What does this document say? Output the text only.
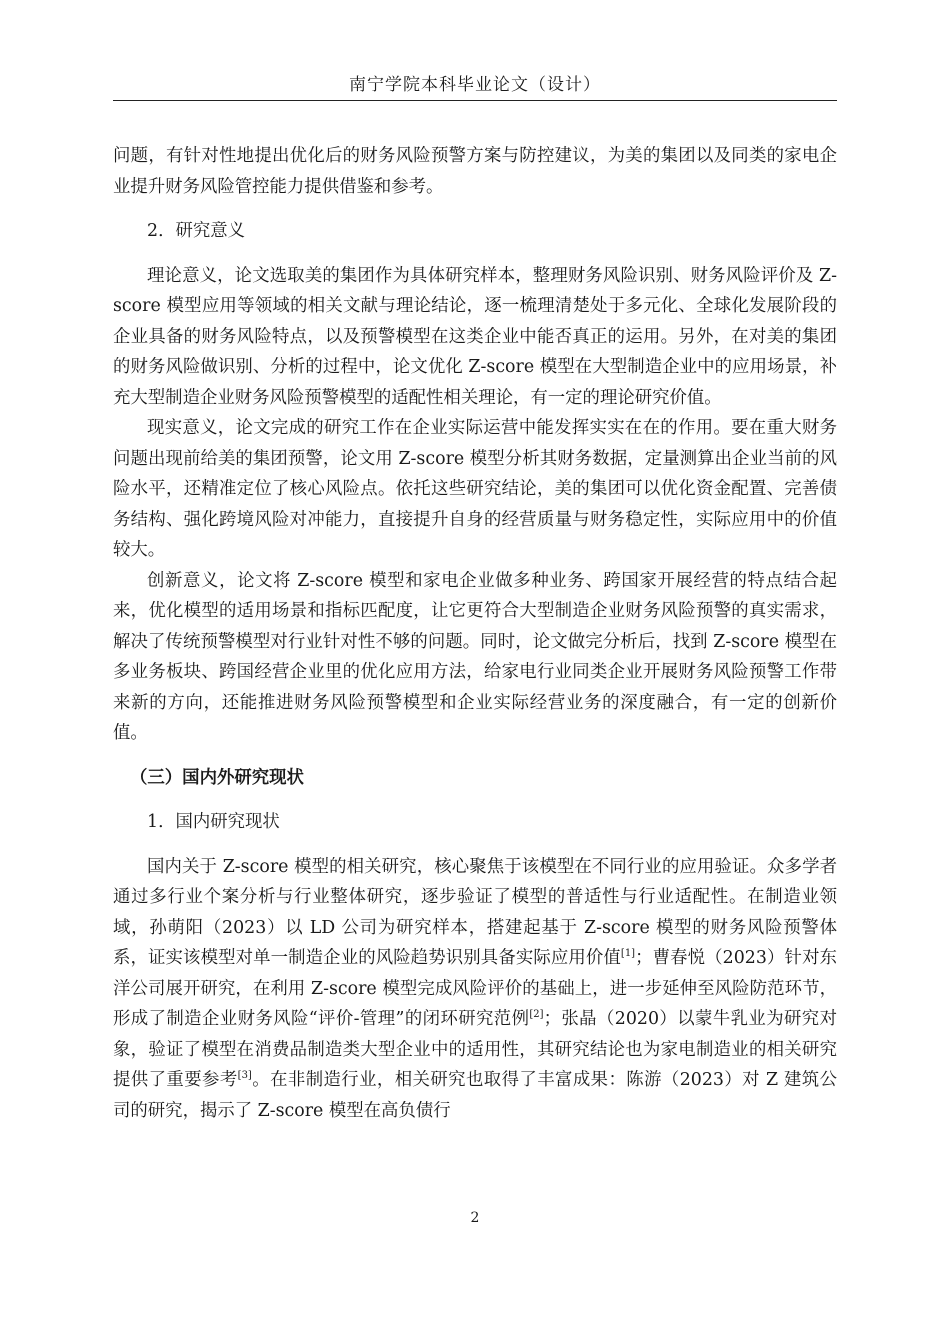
南宁学院本科毕业论文（设计）

问题，有针对性地提出优化后的财务风险预警方案与防控建议，为美的集团以及同类的家电企业提升财务风险管控能力提供借鉴和参考。

2．研究意义

理论意义，论文选取美的集团作为具体研究样本，整理财务风险识别、财务风险评价及 Z-score 模型应用等领域的相关文献与理论结论，逐一梳理清楚处于多元化、全球化发展阶段的企业具备的财务风险特点，以及预警模型在这类企业中能否真正的运用。另外，在对美的集团的财务风险做识别、分析的过程中，论文优化 Z-score 模型在大型制造企业中的应用场景，补充大型制造企业财务风险预警模型的适配性相关理论，有一定的理论研究价值。

现实意义，论文完成的研究工作在企业实际运营中能发挥实实在在的作用。要在重大财务问题出现前给美的集团预警，论文用 Z-score 模型分析其财务数据，定量测算出企业当前的风险水平，还精准定位了核心风险点。依托这些研究结论，美的集团可以优化资金配置、完善债务结构、强化跨境风险对冲能力，直接提升自身的经营质量与财务稳定性，实际应用中的价值较大。

创新意义，论文将 Z-score 模型和家电企业做多种业务、跨国家开展经营的特点结合起来，优化模型的适用场景和指标匹配度，让它更符合大型制造企业财务风险预警的真实需求，解决了传统预警模型对行业针对性不够的问题。同时，论文做完分析后，找到 Z-score 模型在多业务板块、跨国经营企业里的优化应用方法，给家电行业同类企业开展财务风险预警工作带来新的方向，还能推进财务风险预警模型和企业实际经营业务的深度融合，有一定的创新价值。

（三）国内外研究现状

1．国内研究现状

国内关于 Z-score 模型的相关研究，核心聚焦于该模型在不同行业的应用验证。众多学者通过多行业个案分析与行业整体研究，逐步验证了模型的普适性与行业适配性。在制造业领域，孙萌阳（2023）以 LD 公司为研究样本，搭建起基于 Z-score 模型的财务风险预警体系，证实该模型对单一制造企业的风险趋势识别具备实际应用价值[1]；曹春悦（2023）针对东洋公司展开研究，在利用 Z-score 模型完成风险评价的基础上，进一步延伸至风险防范环节，形成了制造企业财务风险“评价-管理”的闭环研究范例[2]；张晶（2020）以蒙牛乳业为研究对象，验证了模型在消费品制造类大型企业中的适用性，其研究结论也为家电制造业的相关研究提供了重要参考[3]。在非制造行业，相关研究也取得了丰富成果：陈游（2023）对 Z 建筑公司的研究，揭示了 Z-score 模型在高负债行

2
